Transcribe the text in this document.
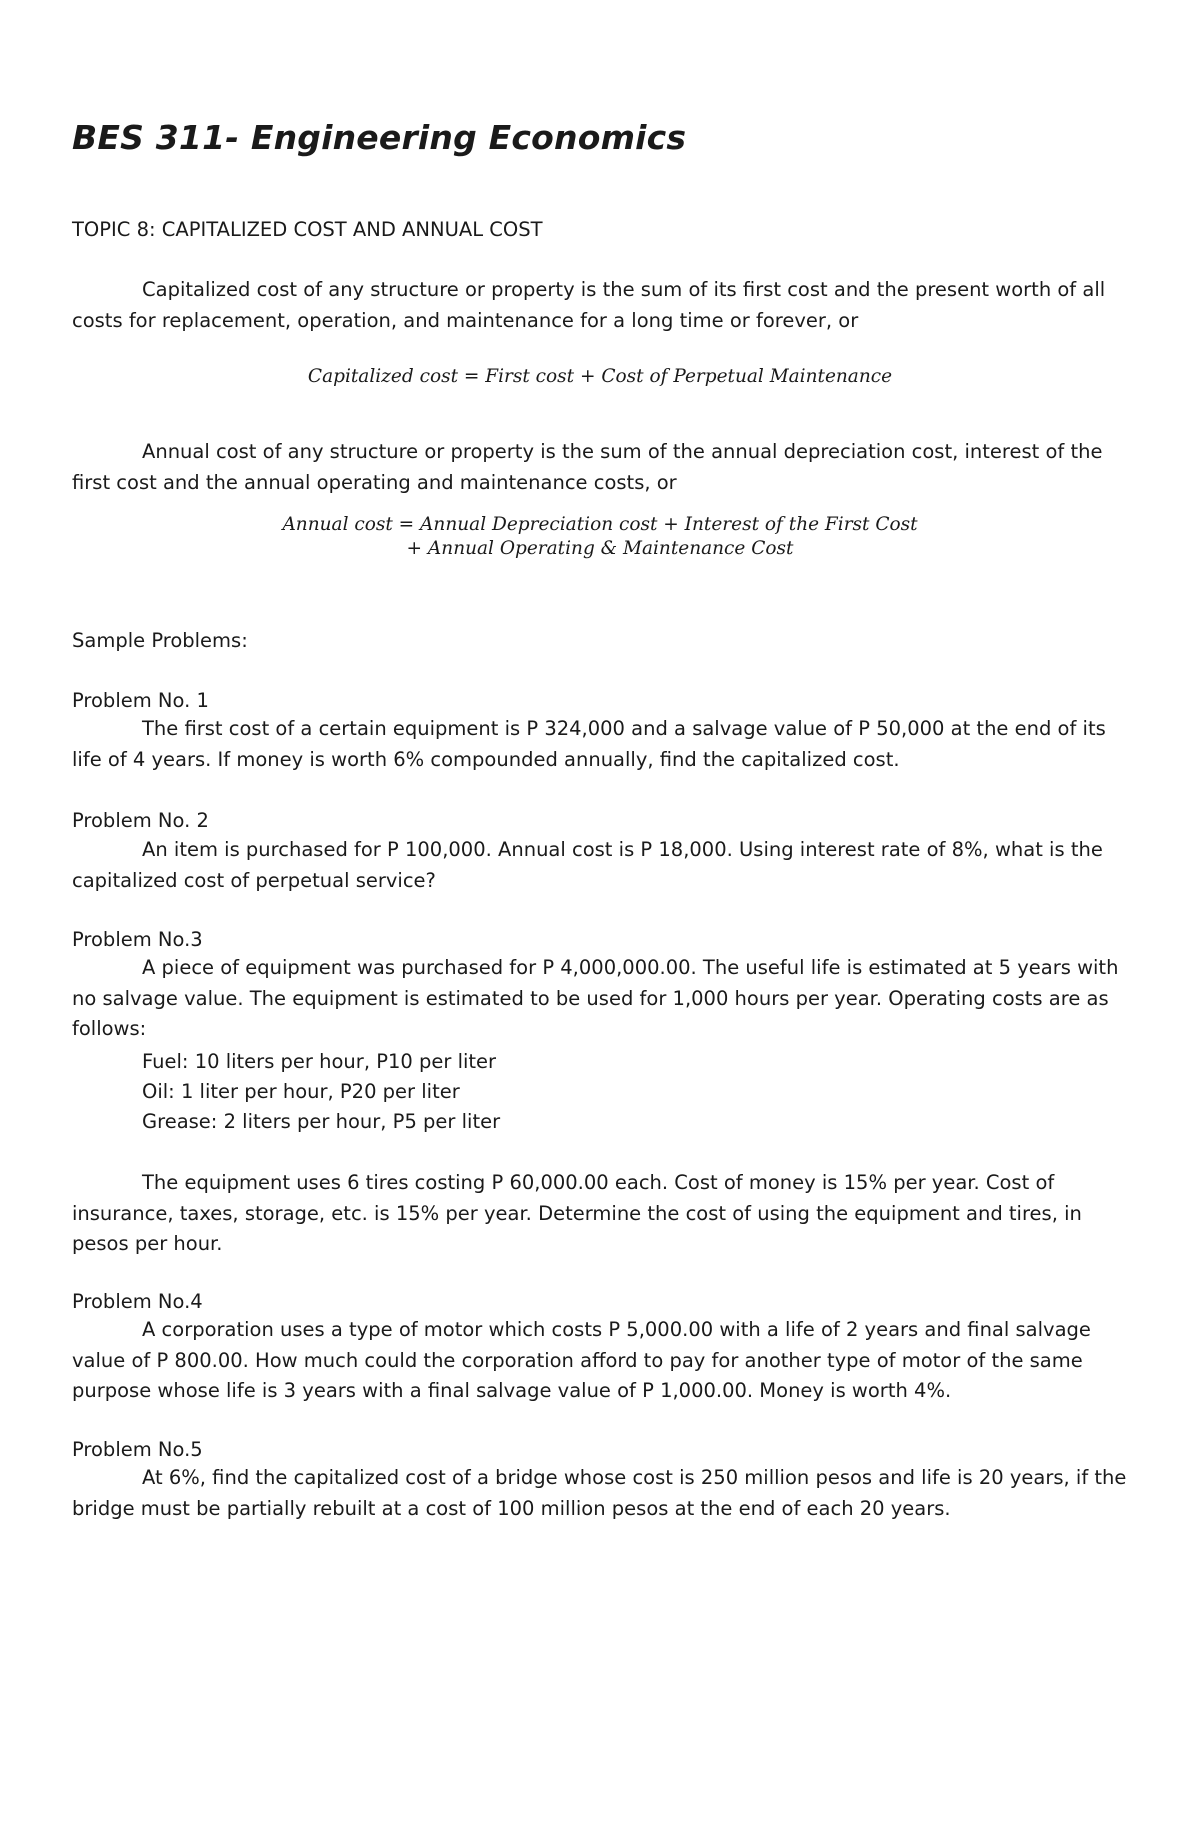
BES 311- Engineering Economics

TOPIC 8: CAPITALIZED COST AND ANNUAL COST

Capitalized cost of any structure or property is the sum of its first cost and the present worth of all costs for replacement, operation, and maintenance for a long time or forever, or

Capitalized cost = First cost + Cost of Perpetual Maintenance

Annual cost of any structure or property is the sum of the annual depreciation cost, interest of the first cost and the annual operating and maintenance costs, or

Annual cost = Annual Depreciation cost + Interest of the First Cost

+ Annual Operating & Maintenance Cost

Sample Problems:

Problem No. 1

The first cost of a certain equipment is P 324,000 and a salvage value of P 50,000 at the end of its life of 4 years. If money is worth 6% compounded annually, find the capitalized cost.

Problem No. 2

An item is purchased for P 100,000. Annual cost is P 18,000. Using interest rate of 8%, what is the capitalized cost of perpetual service?

Problem No.3

A piece of equipment was purchased for P 4,000,000.00. The useful life is estimated at 5 years with no salvage value. The equipment is estimated to be used for 1,000 hours per year. Operating costs are as follows:

Fuel: 10 liters per hour, P10 per liter

Oil: 1 liter per hour, P20 per liter

Grease: 2 liters per hour, P5 per liter

The equipment uses 6 tires costing P 60,000.00 each. Cost of money is 15% per year. Cost of insurance, taxes, storage, etc. is 15% per year. Determine the cost of using the equipment and tires, in pesos per hour.

Problem No.4

A corporation uses a type of motor which costs P 5,000.00 with a life of 2 years and final salvage value of P 800.00. How much could the corporation afford to pay for another type of motor of the same purpose whose life is 3 years with a final salvage value of P 1,000.00. Money is worth 4%.

Problem No.5

At 6%, find the capitalized cost of a bridge whose cost is 250 million pesos and life is 20 years, if the bridge must be partially rebuilt at a cost of 100 million pesos at the end of each 20 years.
